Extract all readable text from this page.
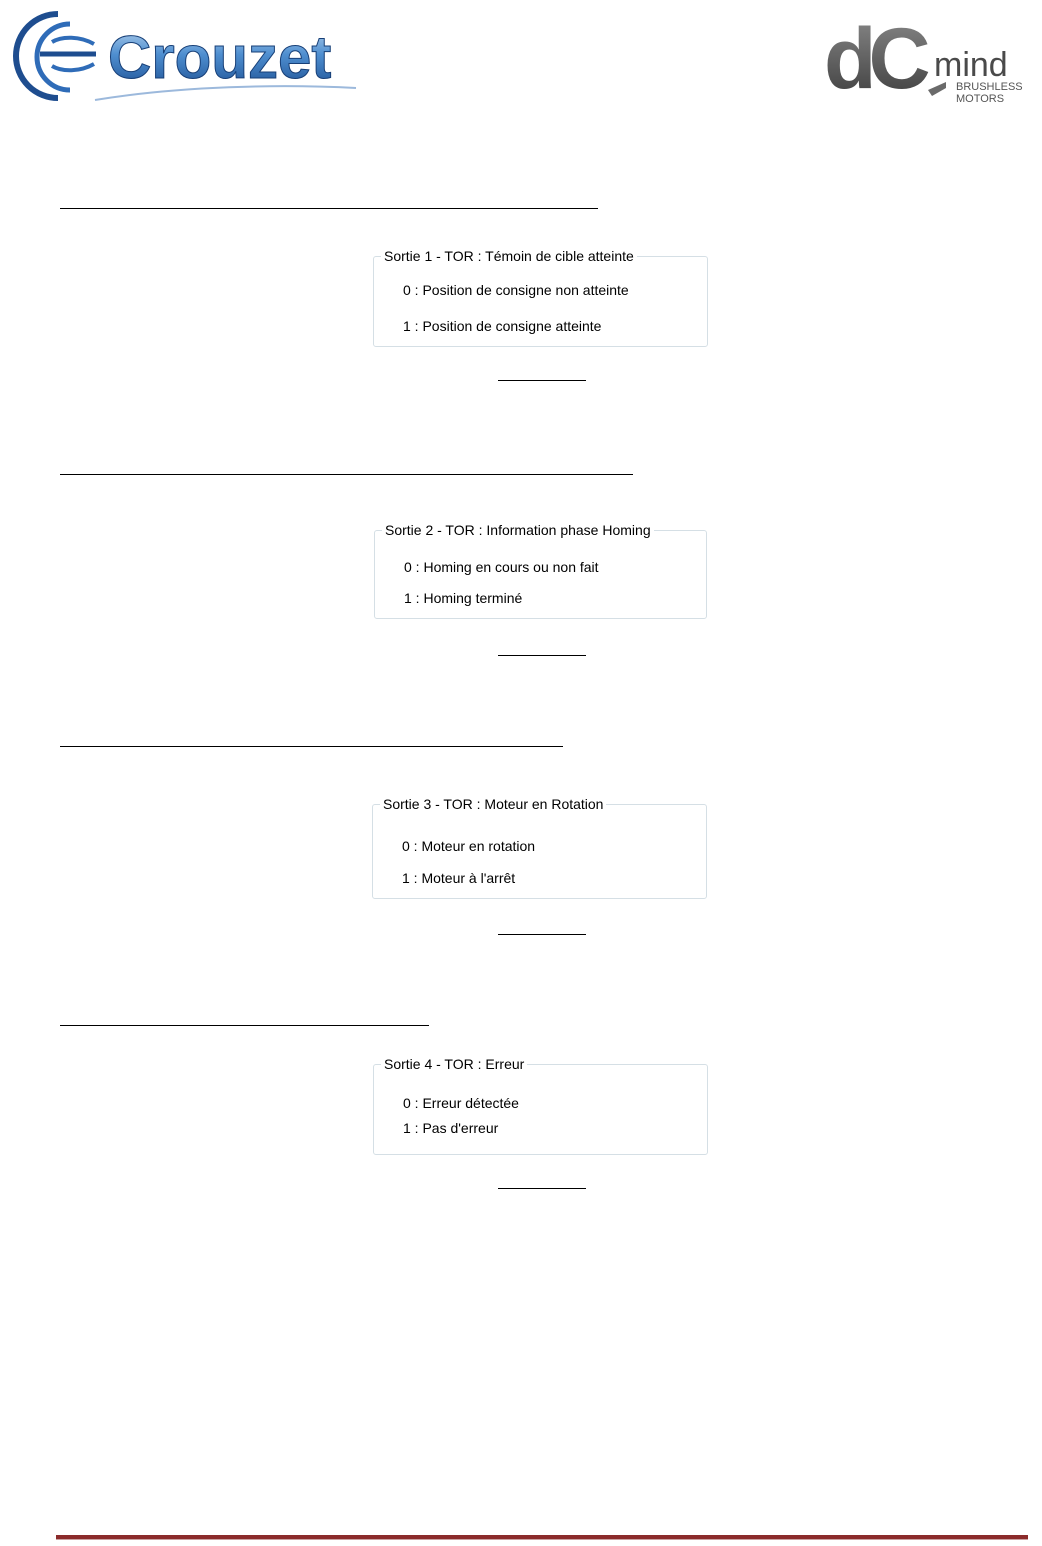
Crouzet	dC mind
BRUSHLESS
MOTORS
Sortie 1 - TOR : Témoin de cible atteinte
0 : Position de consigne non atteinte
1 : Position de consigne atteinte
Sortie 2 - TOR : Information phase Homing
0 : Homing en cours ou non fait
1 : Homing terminé
Sortie 3 - TOR : Moteur en Rotation
0 : Moteur en rotation
1 : Moteur à l'arrêt
Sortie 4 - TOR : Erreur
0 : Erreur détectée
1 : Pas d'erreur
